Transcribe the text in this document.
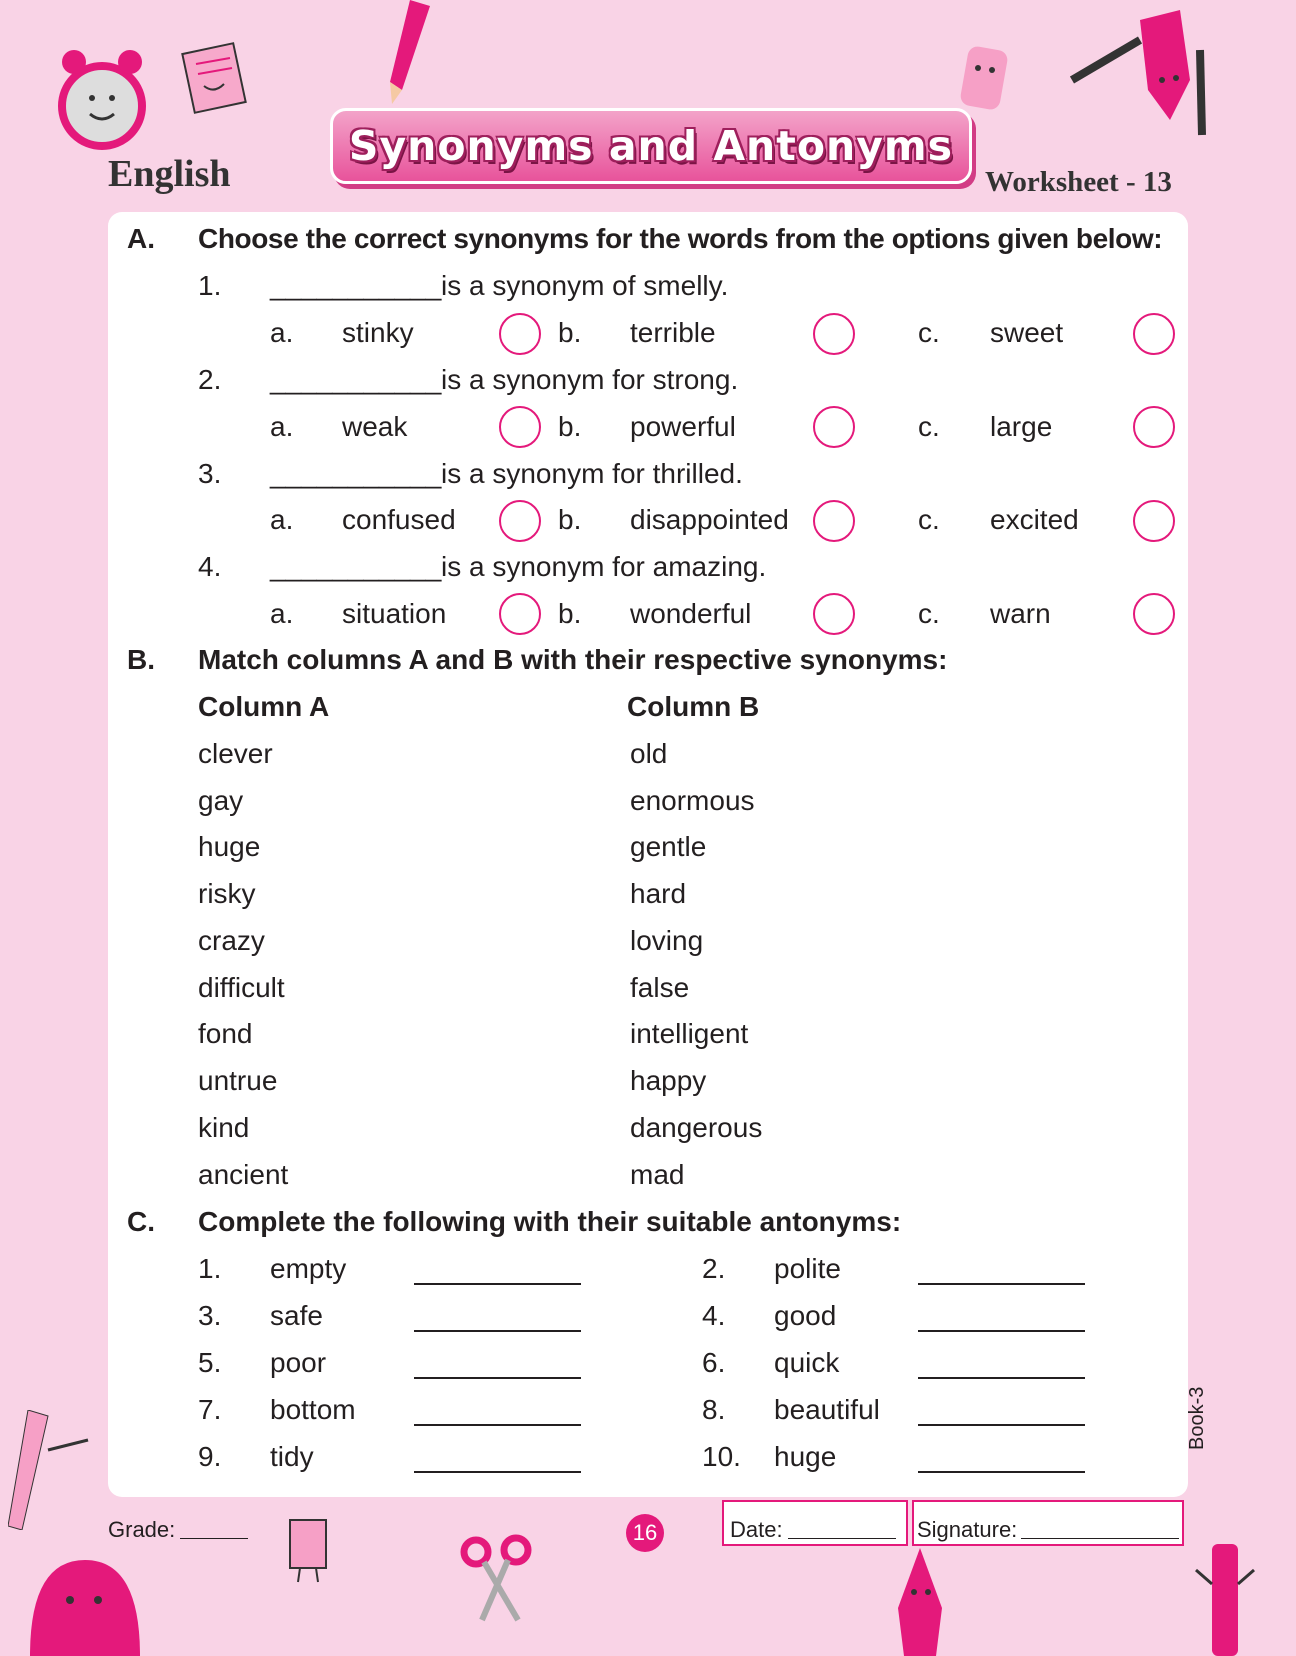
English
Synonyms and Antonyms
Worksheet - 13
A. Choose the correct synonyms for the words from the options given below:
1. ___________ is a synonym of smelly.
a. stinky	b. terrible	c. sweet
2. ___________ is a synonym for strong.
a. weak	b. powerful	c. large
3. ___________ is a synonym for thrilled.
a. confused	b. disappointed	c. excited
4. ___________ is a synonym for amazing.
a. situation	b. wonderful	c. warn
B. Match columns A and B with their respective synonyms:
Column A	Column B
clever	old
gay	enormous
huge	gentle
risky	hard
crazy	loving
difficult	false
fond	intelligent
untrue	happy
kind	dangerous
ancient	mad
C. Complete the following with their suitable antonyms:
1. empty	2. polite
3. safe	4. good
5. poor	6. quick
7. bottom	8. beautiful
9. tidy	10. huge
Book-3
Grade:	16	Date:	Signature:
